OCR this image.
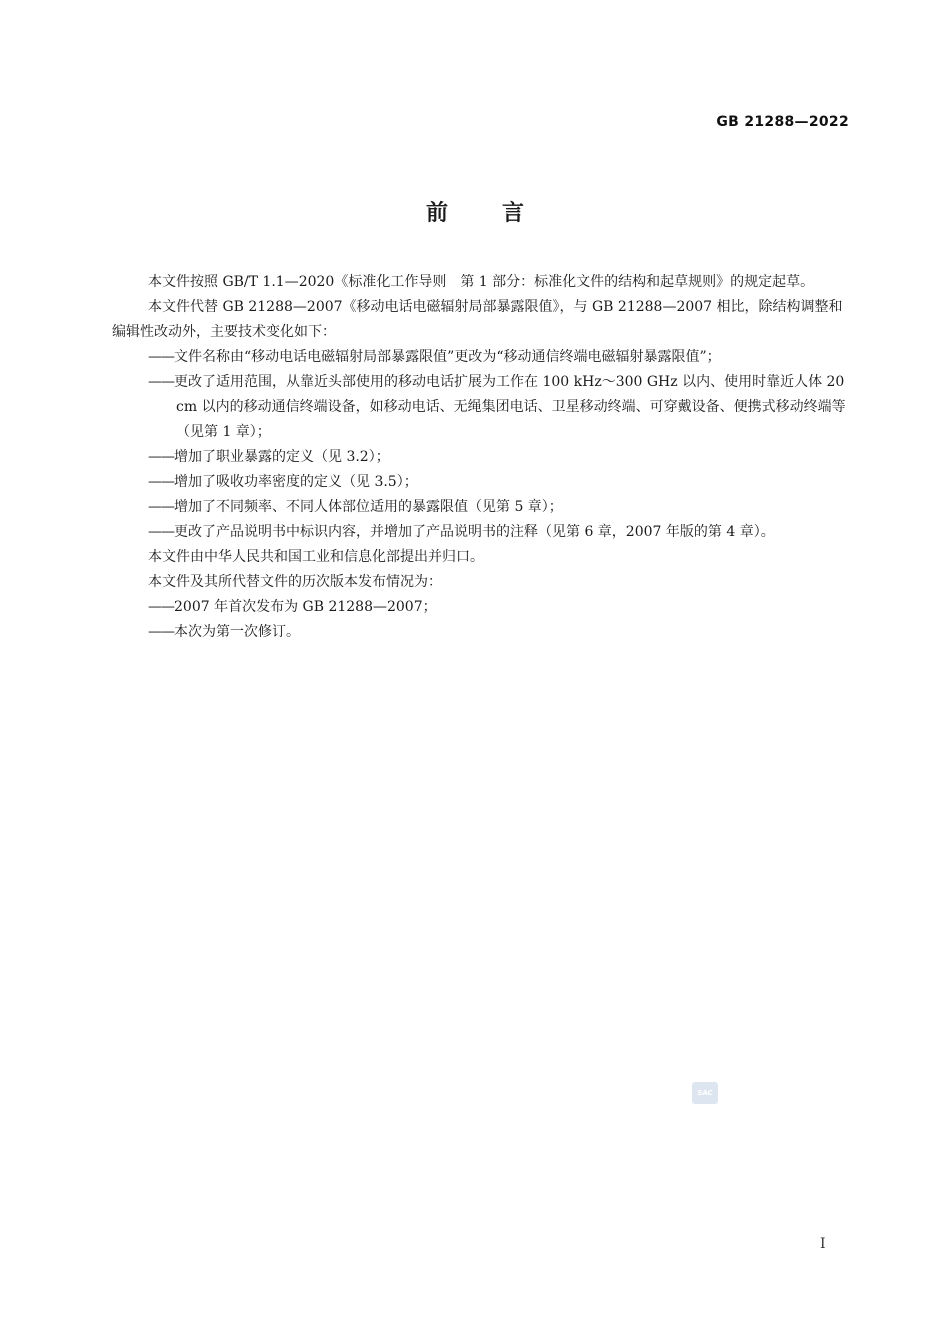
GB 21288—2022
前 言

本文件按照 GB/T 1.1—2020《标准化工作导则　第 1 部分：标准化文件的结构和起草规则》的规定起草。

本文件代替 GB 21288—2007《移动电话电磁辐射局部暴露限值》，与 GB 21288—2007 相比，除结构调整和编辑性改动外，主要技术变化如下：

——文件名称由“移动电话电磁辐射局部暴露限值”更改为“移动通信终端电磁辐射暴露限值”；

——更改了适用范围，从靠近头部使用的移动电话扩展为工作在 100 kHz～300 GHz 以内、使用时靠近人体 20 cm 以内的移动通信终端设备，如移动电话、无绳集团电话、卫星移动终端、可穿戴设备、便携式移动终端等（见第 1 章）；

——增加了职业暴露的定义（见 3.2）；

——增加了吸收功率密度的定义（见 3.5）；

——增加了不同频率、不同人体部位适用的暴露限值（见第 5 章）；

——更改了产品说明书中标识内容，并增加了产品说明书的注释（见第 6 章，2007 年版的第 4 章）。

本文件由中华人民共和国工业和信息化部提出并归口。

本文件及其所代替文件的历次版本发布情况为：

——2007 年首次发布为 GB 21288—2007；

——本次为第一次修订。

SAC
I
